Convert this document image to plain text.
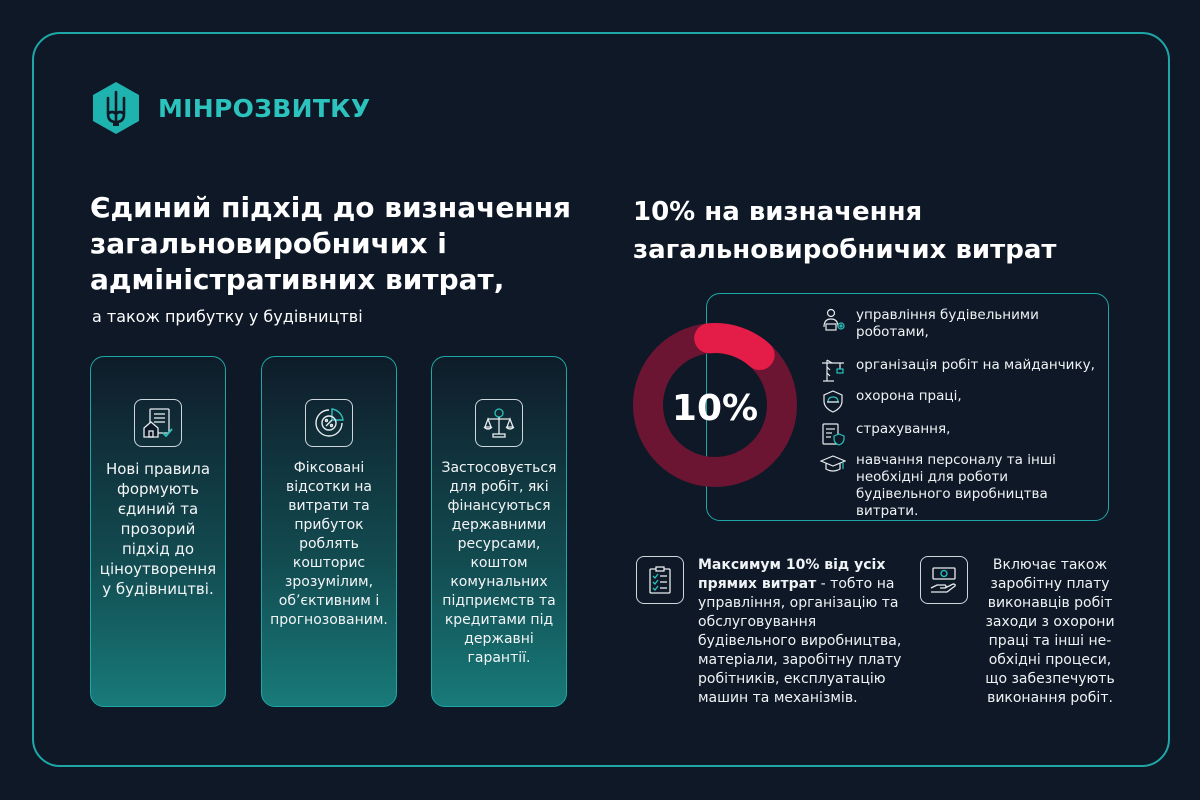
МІНРОЗВИТКУ
Єдиний підхід до визначення загальновиробничих і адміністративних витрат,

а також прибутку у будівництві

Нові правила формують єдиний та прозорий підхід до ціноутворення у будівництві.
Фіксовані відсотки на витрати та прибуток роблять кошторис зрозумілим, об’єктивним і прогнозованим.
Застосовується для робіт, які фінансуються державними ресурсами, коштом комунальних підприємств та кредитами під державні гарантії.
10% на визначення загальновиробничих витрат
10%
управління будівельними роботами,
організація робіт на майданчику,
охорона праці,
страхування,
навчання персоналу та інші необхідні для роботи будівельного виробництва витрати.
Максимум 10% від усіх прямих витрат - тобто на управління, організацію та обслуговування будівельного виробництва, матеріали, заробітну плату робітників, експлуатацію машин та механізмів.
Включає також заробітну плату виконавців робіт заходи з охорони праці та інші не-обхідні процеси, що забезпечують виконання робіт.
